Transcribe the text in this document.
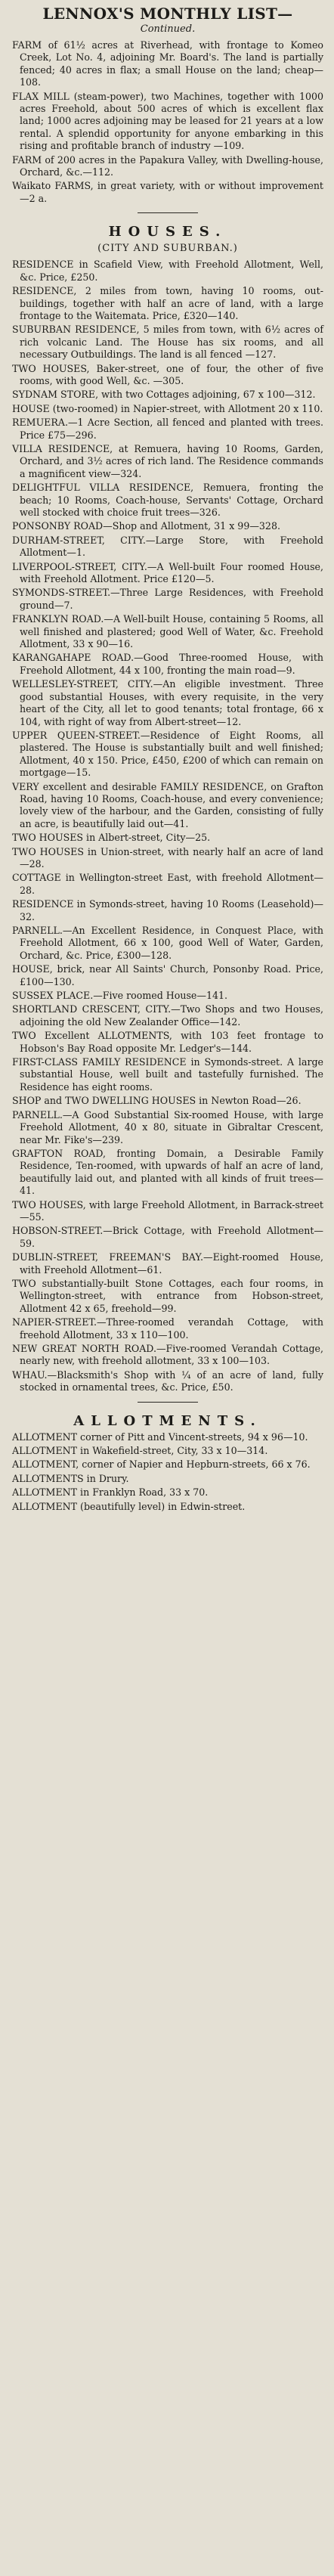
LENNOX'S MONTHLY LIST—

Continued.

FARM of 61½ acres at Riverhead, with frontage to Komeo Creek, Lot No. 4, adjoining Mr. Board's. The land is partially fenced; 40 acres in flax; a small House on the land; cheap—108.

FLAX MILL (steam-power), two Machines, together with 1000 acres Freehold, about 500 acres of which is excellent flax land; 1000 acres adjoining may be leased for 21 years at a low rental. A splendid opportunity for anyone embarking in this rising and profitable branch of industry —109.

FARM of 200 acres in the Papakura Valley, with Dwelling-house, Orchard, &c.—112.

Waikato FARMS, in great variety, with or without improvement—2 a.

HOUSES.

(CITY AND SUBURBAN.)

RESIDENCE in Scafield View, with Freehold Allotment, Well, &c. Price, £250.

RESIDENCE, 2 miles from town, having 10 rooms, out-buildings, together with half an acre of land, with a large frontage to the Waitemata. Price, £320—140.

SUBURBAN RESIDENCE, 5 miles from town, with 6½ acres of rich volcanic Land. The House has six rooms, and all necessary Outbuildings. The land is all fenced —127.

TWO HOUSES, Baker-street, one of four, the other of five rooms, with good Well, &c. —305.

SYDNAM STORE, with two Cottages adjoining, 67 x 100—312.

HOUSE (two-roomed) in Napier-street, with Allotment 20 x 110.

REMUERA.—1 Acre Section, all fenced and planted with trees. Price £75—296.

VILLA RESIDENCE, at Remuera, having 10 Rooms, Garden, Orchard, and 3½ acres of rich land. The Residence commands a magnificent view—324.

DELIGHTFUL VILLA RESIDENCE, Remuera, fronting the beach; 10 Rooms, Coach-house, Servants' Cottage, Orchard well stocked with choice fruit trees—326.

PONSONBY ROAD—Shop and Allotment, 31 x 99—328.

DURHAM-STREET, CITY.—Large Store, with Freehold Allotment—1.

LIVERPOOL-STREET, CITY.—A Well-built Four roomed House, with Freehold Allotment. Price £120—5.

SYMONDS-STREET.—Three Large Residences, with Freehold ground—7.

FRANKLYN ROAD.—A Well-built House, containing 5 Rooms, all well finished and plastered; good Well of Water, &c. Freehold Allotment, 33 x 90—16.

KARANGAHAPE ROAD.—Good Three-roomed House, with Freehold Allotment, 44 x 100, fronting the main road—9.

WELLESLEY-STREET, CITY.—An eligible investment. Three good substantial Houses, with every requisite, in the very heart of the City, all let to good tenants; total frontage, 66 x 104, with right of way from Albert-street—12.

UPPER QUEEN-STREET.—Residence of Eight Rooms, all plastered. The House is substantially built and well finished; Allotment, 40 x 150. Price, £450, £200 of which can remain on mortgage—15.

VERY excellent and desirable FAMILY RESIDENCE, on Grafton Road, having 10 Rooms, Coach-house, and every convenience; lovely view of the harbour, and the Garden, consisting of fully an acre, is beautifully laid out—41.

TWO HOUSES in Albert-street, City—25.

TWO HOUSES in Union-street, with nearly half an acre of land—28.

COTTAGE in Wellington-street East, with freehold Allotment—28.

RESIDENCE in Symonds-street, having 10 Rooms (Leasehold)—32.

PARNELL.—An Excellent Residence, in Conquest Place, with Freehold Allotment, 66 x 100, good Well of Water, Garden, Orchard, &c. Price, £300—128.

HOUSE, brick, near All Saints' Church, Ponsonby Road. Price, £100—130.

SUSSEX PLACE.—Five roomed House—141.

SHORTLAND CRESCENT, CITY.—Two Shops and two Houses, adjoining the old New Zealander Office—142.

TWO Excellent ALLOTMENTS, with 103 feet frontage to Hobson's Bay Road opposite Mr. Ledger's—144.

FIRST-CLASS FAMILY RESIDENCE in Symonds-street. A large substantial House, well built and tastefully furnished. The Residence has eight rooms.

SHOP and TWO DWELLING HOUSES in Newton Road—26.

PARNELL.—A Good Substantial Six-roomed House, with large Freehold Allotment, 40 x 80, situate in Gibraltar Crescent, near Mr. Fike's—239.

GRAFTON ROAD, fronting Domain, a Desirable Family Residence, Ten-roomed, with upwards of half an acre of land, beautifully laid out, and planted with all kinds of fruit trees—41.

TWO HOUSES, with large Freehold Allotment, in Barrack-street—55.

HOBSON-STREET.—Brick Cottage, with Freehold Allotment—59.

DUBLIN-STREET, FREEMAN'S BAY.—Eight-roomed House, with Freehold Allotment—61.

TWO substantially-built Stone Cottages, each four rooms, in Wellington-street, with entrance from Hobson-street, Allotment 42 x 65, freehold—99.

NAPIER-STREET.—Three-roomed verandah Cottage, with freehold Allotment, 33 x 110—100.

NEW GREAT NORTH ROAD.—Five-roomed Verandah Cottage, nearly new, with freehold allotment, 33 x 100—103.

WHAU.—Blacksmith's Shop with ¼ of an acre of land, fully stocked in ornamental trees, &c. Price, £50.

ALLOTMENTS.

ALLOTMENT corner of Pitt and Vincent-streets, 94 x 96—10.

ALLOTMENT in Wakefield-street, City, 33 x 10—314.

ALLOTMENT, corner of Napier and Hepburn-streets, 66 x 76.

ALLOTMENTS in Drury.

ALLOTMENT in Franklyn Road, 33 x 70.

ALLOTMENT (beautifully level) in Edwin-street.
